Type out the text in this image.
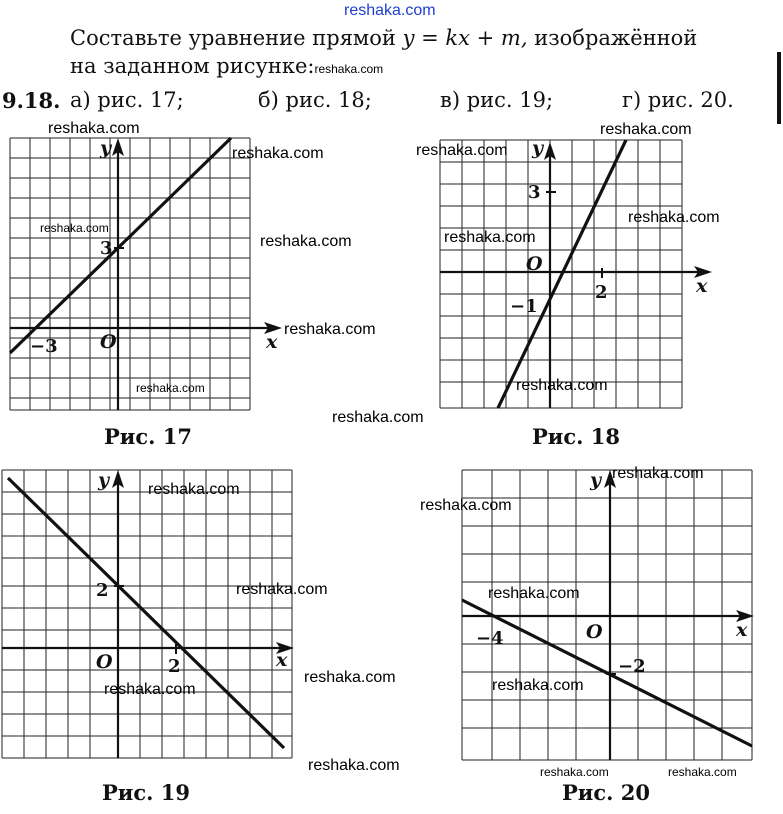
reshaka.com
Составьте уравнение прямой y = kx + m, изображённой
на заданном рисунке:reshaka.com
9.18. а) рис. 17;	б) рис. 18;	в) рис. 19;	г) рис. 20.
y
x
O
3
−3
Рис. 17
y
x
O
3
2
−1
Рис. 18
y
x
O
2
2
Рис. 19
y
x
O
−4
−2
Рис. 20
reshaka.com
reshaka.com
reshaka.com
reshaka.com
reshaka.com
reshaka.com
reshaka.com
reshaka.com
reshaka.com
reshaka.com
reshaka.com
reshaka.com
reshaka.com
reshaka.com
reshaka.com
reshaka.com	reshaka.com
reshaka.com
reshaka.com	reshaka.com
reshaka.com	reshaka.com	reshaka.com
